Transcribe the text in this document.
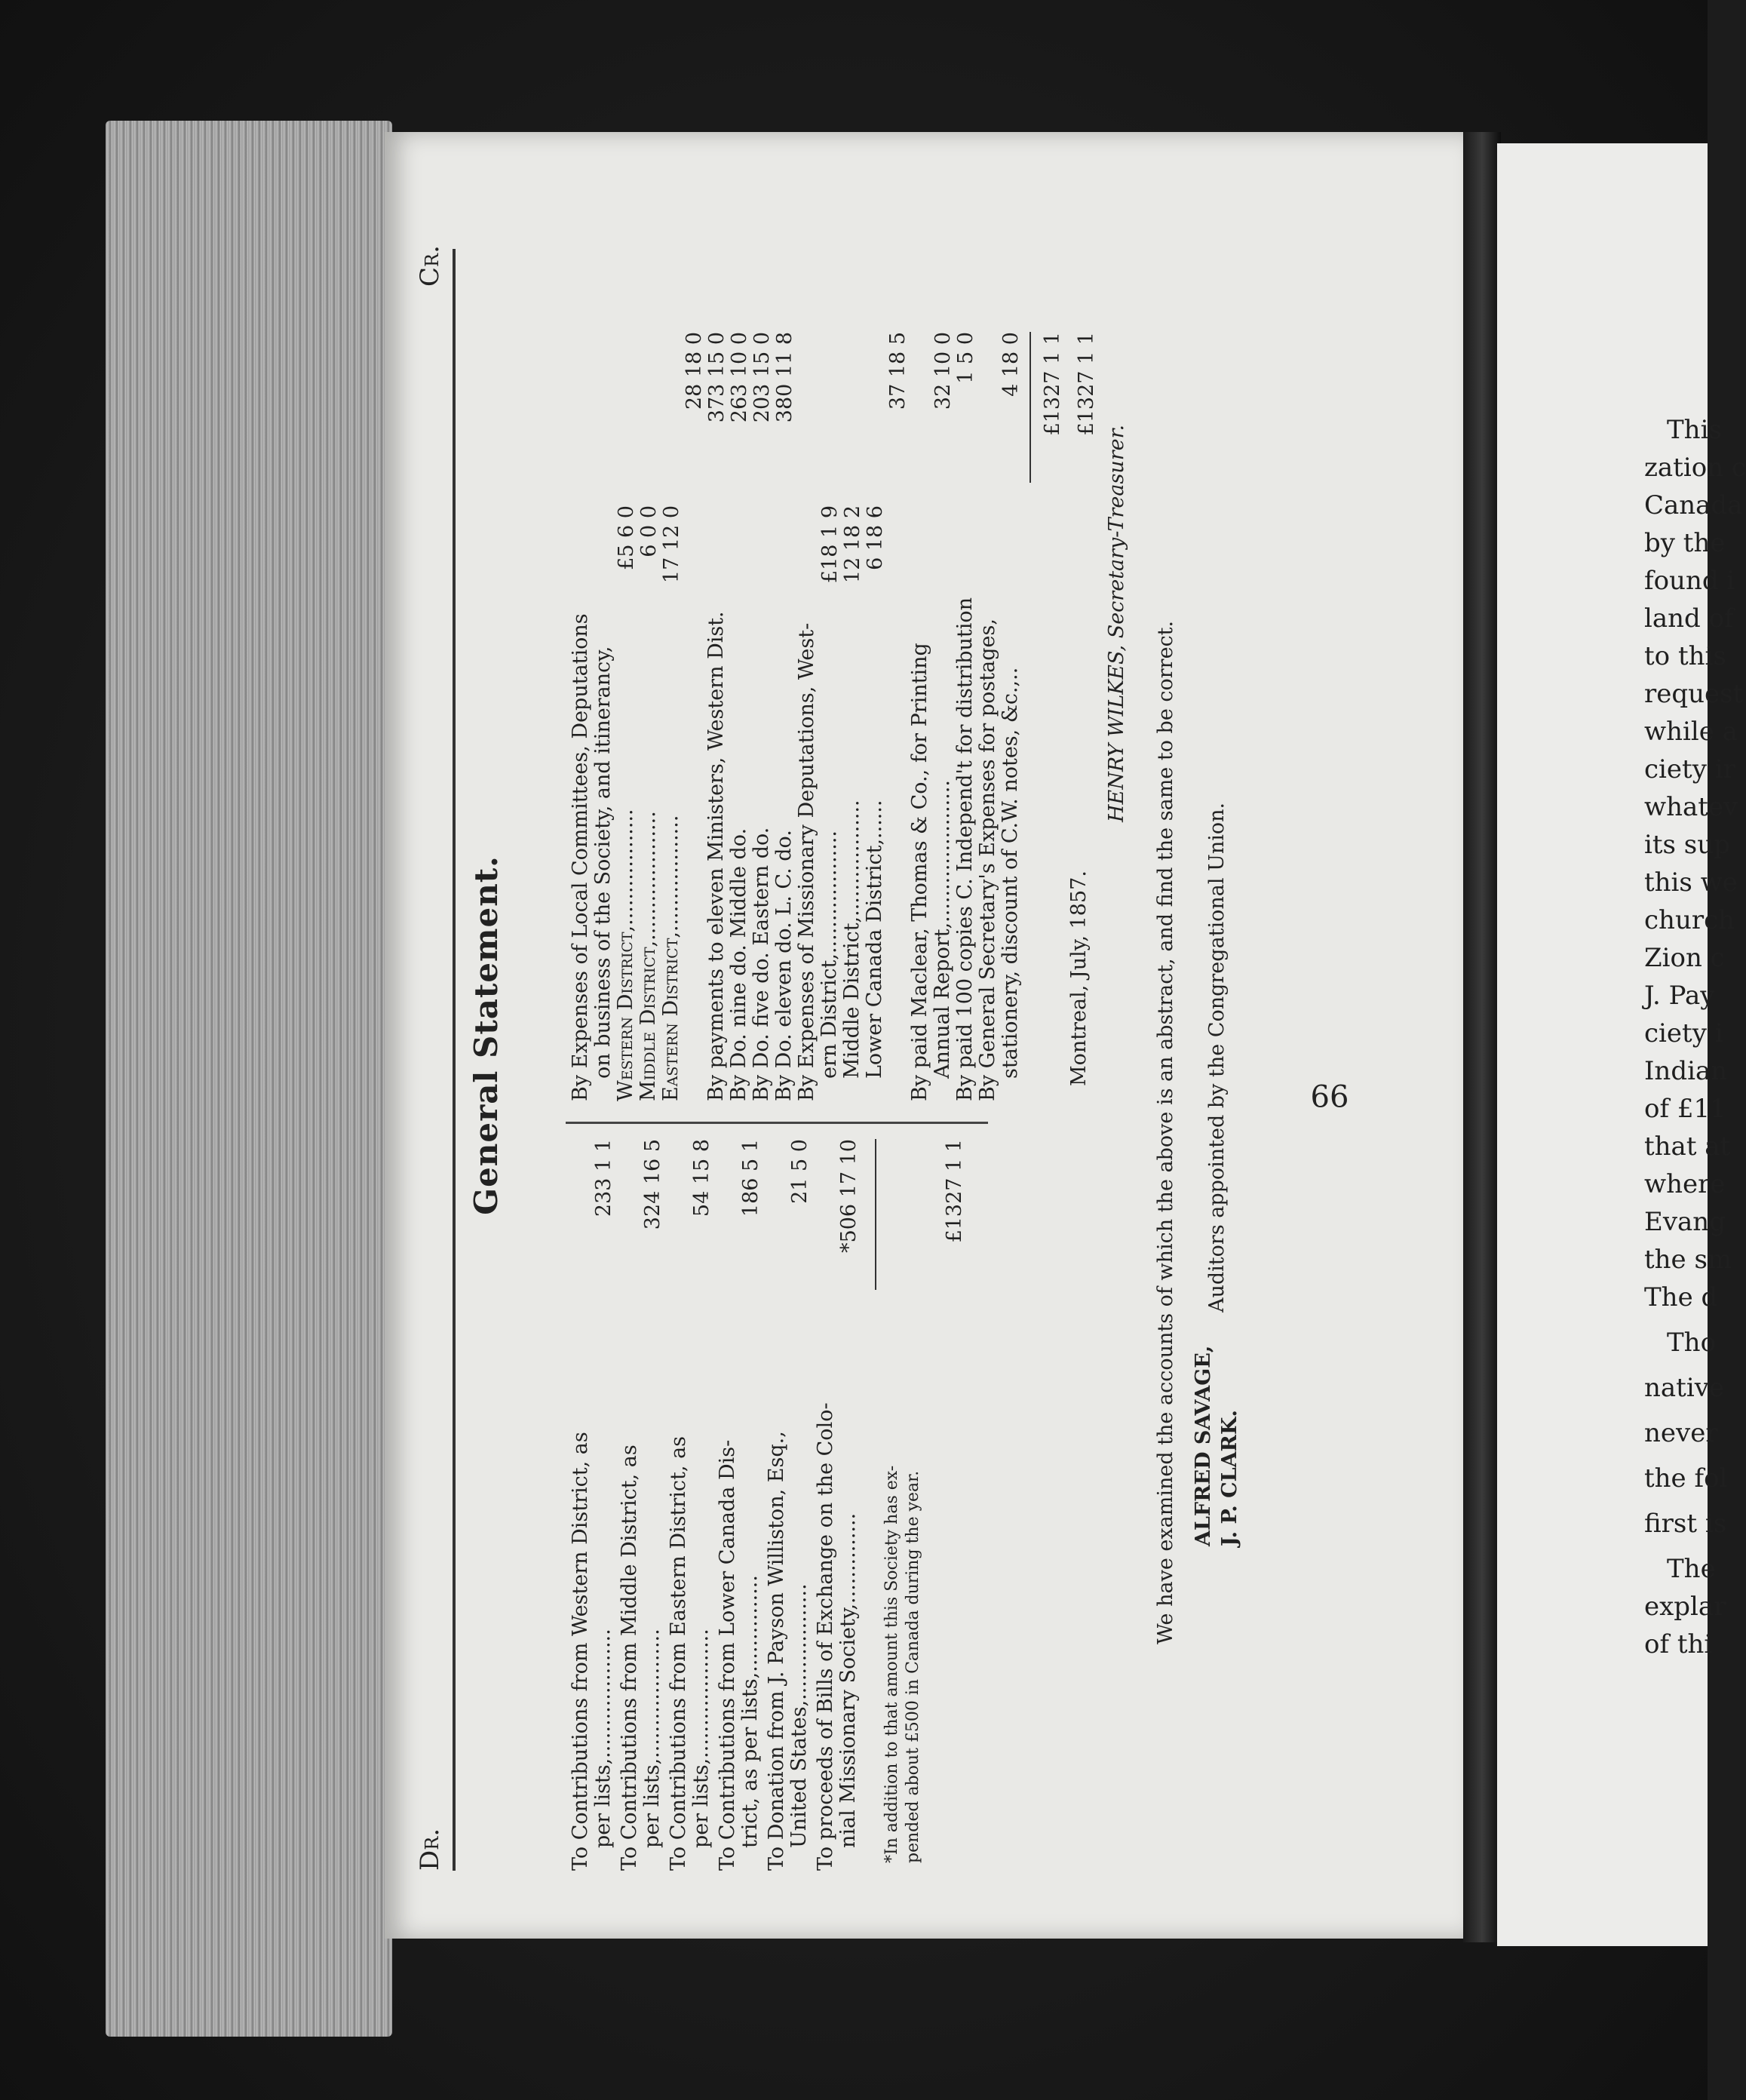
Dr.
General Statement.
Cr.
66
To Contributions from Western District, as per lists,....................
233 1 1
To Contributions from Middle District, as per lists,....................
324 16 5
To Contributions from Eastern District, as per lists,....................
54 15 8
To Contributions from Lower Canada Dis- trict, as per lists,...............
186 5 1
To Donation from J. Payson Williston, Esq., United States,..................
21 5 0
To proceeds of Bills of Exchange on the Colo- nial Missionary Society,..............
*506 17 10
*In addition to that amount this Society has ex- pended about £500 in Canada during the year.
£1327 1 1
By Expenses of Local Committees, Deputations on business of the Society, and itinerancy, Western District,..................
£5 6 0
Middle District,....................
6 0 0
Eastern District,..................
17 12 0
28 18 0
By payments to eleven Ministers, Western Dist.
373 15 0
By Do. nine do. Middle do.
263 10 0
By Do. five do. Eastern do.
203 15 0
By Do. eleven do. L. C. do.
380 11 8
By Expenses of Missionary Deputations, West- ern District,...................
£18 1 9
Middle District,..................
12 18 2
Lower Canada District,......
6 18 6
37 18 5
By paid Maclear, Thomas & Co., for Printing Annual Report,......................
32 10 0
By paid 100 copies C. Independ't for distribution
1 5 0
By General Secretary's Expenses for postages, stationery, discount of C.W. notes, &c.,..
4 18 0 £1327 1 1 £1327 1 1
Montreal, July, 1857.
HENRY WILKES, Secretary-Treasurer. We have examined the accounts of which the above is an abstract, and find the same to be correct. ALFRED SAVAGE, J. P. CLARK.
Auditors appointed by the Congregational Union.
This
zation c
Canada
by the
found i
land of
to this
request
while a
ciety ir
whatev
its sup
this we
church
Zion c
J. Pay
ciety i
Indian
of £11
that at
where
Evang
the sm
The d
Tho
native
never
the fol
first is
The
explar
of thi
